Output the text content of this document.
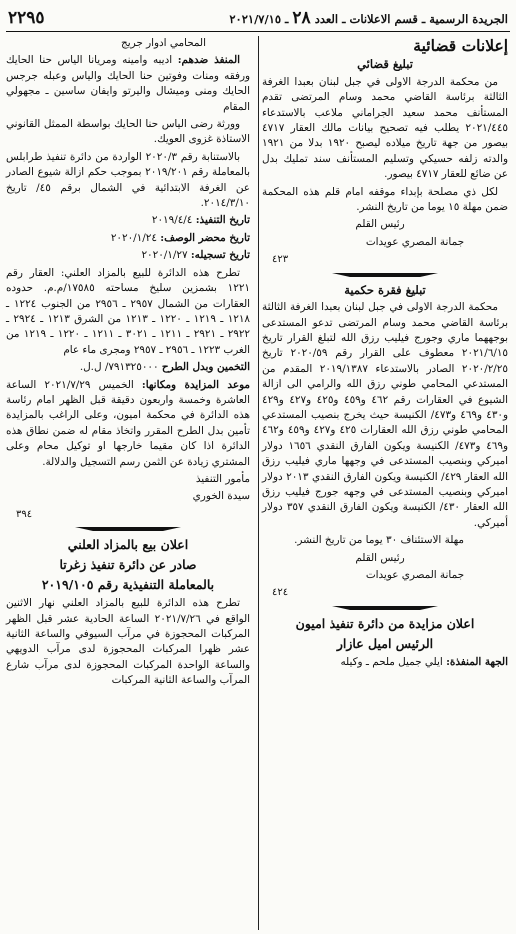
الجريدة الرسمية ـ قسم الاعلانات ـ العدد ٢٨ ـ ٢٠٢١/٧/١٥
٢٢٩٥
إعلانات قضائية
تبليغ قضائي

من محكمة الدرجة الاولى في جبل لبنان بعبدا الغرفة الثالثة برئاسة القاضي محمد وسام المرتضى تقدم المستأنف محمد سعيد الجراماني ملاعب بالاستدعاء ٢٠٢١/٤٤٥ يطلب فيه تصحيح بيانات مالك العقار ٤٧١٧ بيصور من جهة تاريخ ميلاده ليصبح ١٩٢٠ بدلا من ١٩٢١ والدته زلفه حسيكي وتسليم المستأنف سند تمليك بدل عن ضائع للعقار ٤٧١٧ بيصور.

لكل ذي مصلحة بإبداء موقفه امام قلم هذه المحكمة ضمن مهلة ١٥ يوما من تاريخ النشر.

رئيس القلم

جمانة المصري عويدات

٤٢٣

تبليغ فقرة حكمية

محكمة الدرجة الاولى في جبل لبنان بعبدا الغرفة الثالثة برئاسة القاضي محمد وسام المرتضى تدعو المستدعى بوجههما ماري وجورج فيليب رزق الله لتبلغ القرار تاريخ ٢٠٢١/٦/١٥ معطوف على القرار رقم ٢٠٢٠/٥٩ تاريخ ٢٠٢٠/٢/٢٥ الصادر بالاستدعاء ٢٠١٩/١٣٨٧ المقدم من المستدعي المحامي طوني رزق الله والرامي الى ازالة الشيوع في العقارات رقم ٤٦٢ و٤٥٩ و٤٢٥ و٤٢٧ و٤٢٩ و٤٣٠ و٤٦٩ و٤٧٣/ الكنيسة حيث يخرج بنصيب المستدعي المحامي طوني رزق الله العقارات ٤٢٥ و٤٢٧ و٤٥٩ و٤٦٢ و٤٦٩ و٤٧٣/ الكنيسة ويكون الفارق النقدي ١٦٥٦ دولار اميركي وبنصيب المستدعى في وجهها ماري فيليب رزق الله العقار ٤٢٩/ الكنيسة ويكون الفارق النقدي ٢٠١٣ دولار اميركي وبنصيب المستدعى في وجهه جورج فيليب رزق الله العقار ٤٣٠/ الكنيسة ويكون الفارق النقدي ٣٥٧ دولار أميركي.

مهلة الاستئناف ٣٠ يوما من تاريخ النشر.

رئيس القلم

جمانة المصري عويدات

٤٢٤

اعلان مزايدة من دائرة تنفيذ اميون
الرئيس اميل عازار

الجهة المنفذة: ايلي جميل ملحم ـ وكيله

المحامي ادوار جريج

المنفذ ضدهم: اديبه وامينه ومريانا الياس حنا الحايك ورفقه ومنات وفوتين حنا الحايك والياس وعبله جرجس الحايك ومنى وميشال واليرتو وايفان ساسين ـ مجهولي المقام

وورثة رضى الياس حنا الحايك بواسطة الممثل القانوني الاستاذة غزوى العويك.

بالاستنابة رقم ٢٠٢٠/٣ الواردة من دائرة تنفيذ طرابلس بالمعاملة رقم ٢٠١٩/٢٠١ بموجب حكم ازالة شيوع الصادر عن الغرفة الابتدائية في الشمال برقم ٤٥/ تاريخ ٢٠١٤/٣/١٠.

تاريخ التنفيذ: ٢٠١٩/٤/٤

تاريخ محضر الوصف: ٢٠٢٠/١/٢٤

تاريخ تسجيله: ٢٠٢٠/١/٢٧

تطرح هذه الدائرة للبيع بالمزاد العلني: العقار رقم ١٢٢١ بشمزين سليخ مساحته ١٧٥٨٥/م.م. حدوده العقارات من الشمال ٢٩٥٧ ـ ٢٩٥٦ من الجنوب ١٢٢٤ ـ ١٢١٨ ـ ١٢١٩ ـ ١٢٢٠ ـ ١٢١٣ من الشرق ١٢١٣ ـ ٢٩٢٤ ـ ٢٩٢٢ ـ ٢٩٢١ ـ ١٢١١ ـ ٣٠٢١ ـ ١٢١١ ـ ١٢٢٠ ـ ١٢١٩ من الغرب ١٢٢٣ ـ ٢٩٥٦ ـ ٢٩٥٧ ومجرى ماء عام

التخمين وبدل الطرح ٧٩١٣٢٥٠٠٠/ ل.ل.

موعد المزايدة ومكانها: الخميس ٢٠٢١/٧/٢٩ الساعة العاشرة وخمسة واربعون دقيقة قبل الظهر امام رئاسة هذه الدائرة في محكمة اميون، وعلى الراغب بالمزايدة تأمين بدل الطرح المقرر واتخاذ مقام له ضمن نطاق هذه الدائرة اذا كان مقيما خارجها او توكيل محام وعلى المشتري زيادة عن الثمن رسم التسجيل والدلالة.

مأمور التنفيذ

سيدة الخوري

٣٩٤

اعلان بيع بالمزاد العلني
صادر عن دائرة تنفيذ زغرتا
بالمعاملة التنفيذية رقم ٢٠١٩/١٠٥

تطرح هذه الدائرة للبيع بالمزاد العلني نهار الاثنين الواقع في ٢٠٢١/٧/٢٦ الساعة الحادية عشر قبل الظهر المركبات المحجوزة في مرآب السيوفي والساعة الثانية عشر ظهرا المركبات المحجوزة لدى مرآب الدويهي والساعة الواحدة المركبات المحجوزة لدى مرآب شارع المرآب والساعة الثانية المركبات
